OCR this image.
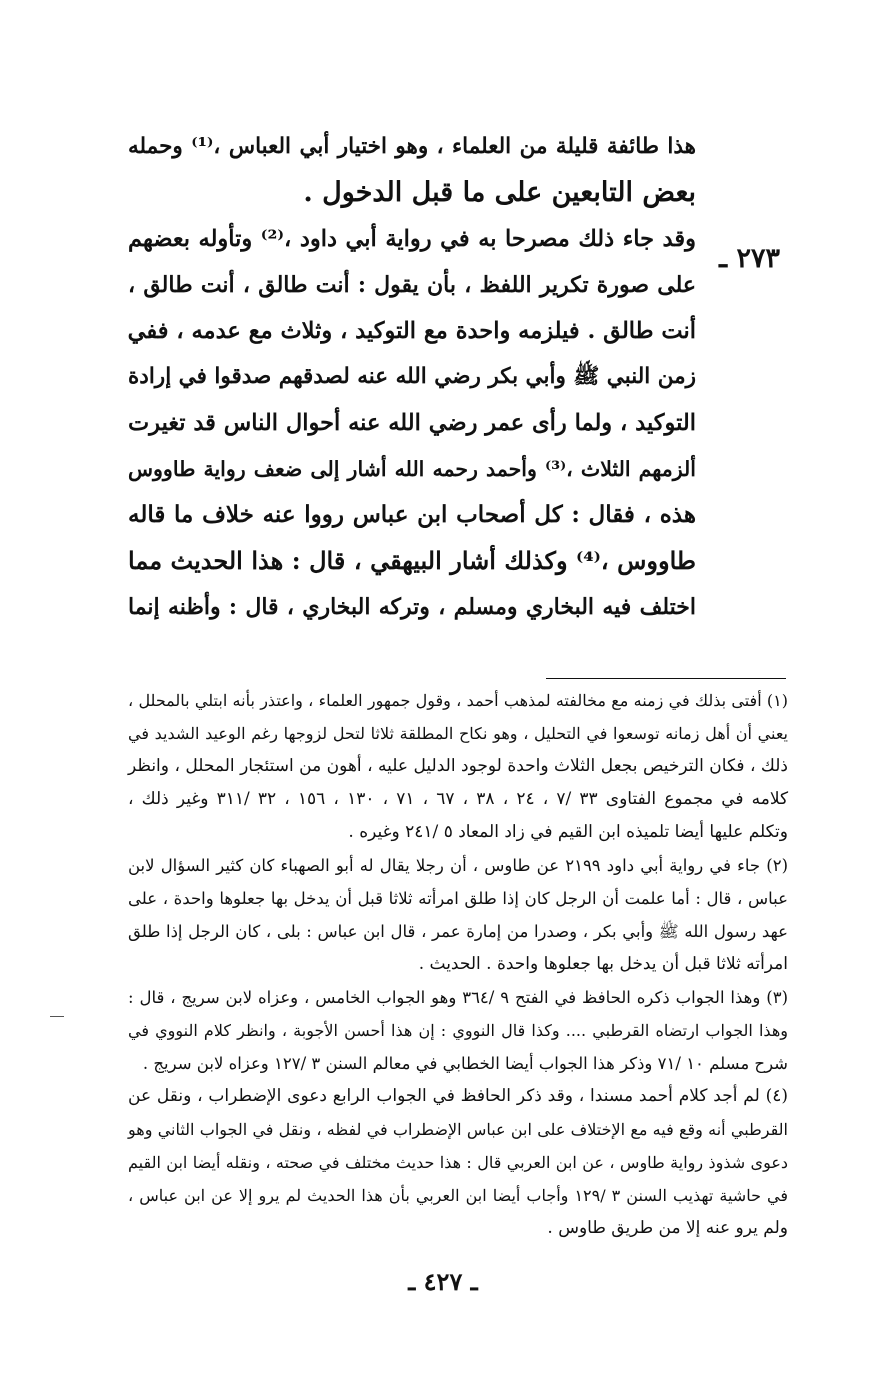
هذا طائفة قليلة من العلماء ، وهو اختيار أبي العباس ،⁽¹⁾ وحمله
بعض التابعين على ما قبل الدخول .
وقد جاء ذلك مصرحا به في رواية أبي داود ،⁽²⁾ وتأوله بعضهم
على صورة تكرير اللفظ ، بأن يقول : أنت طالق ، أنت طالق ،
أنت طالق . فيلزمه واحدة مع التوكيد ، وثلاث مع عدمه ، ففي
زمن النبي ﷺ وأبي بكر رضي الله عنه لصدقهم صدقوا في إرادة
التوكيد ، ولما رأى عمر رضي الله عنه أحوال الناس قد تغيرت
ألزمهم الثلاث ،⁽³⁾ وأحمد رحمه الله أشار إلى ضعف رواية طاووس
هذه ، فقال : كل أصحاب ابن عباس رووا عنه خلاف ما قاله
طاووس ،⁽⁴⁾ وكذلك أشار البيهقي ، قال : هذا الحديث مما
اختلف فيه البخاري ومسلم ، وتركه البخاري ، قال : وأظنه إنما
٢٧٣ ـ
(١) أفتى بذلك في زمنه مع مخالفته لمذهب أحمد ، وقول جمهور العلماء ، واعتذر بأنه ابتلي بالمحلل ،
يعني أن أهل زمانه توسعوا في التحليل ، وهو نكاح المطلقة ثلاثا لتحل لزوجها رغم الوعيد الشديد في
ذلك ، فكان الترخيص بجعل الثلاث واحدة لوجود الدليل عليه ، أهون من استئجار المحلل ، وانظر
كلامه في مجموع الفتاوى ٣٣ /٧ ، ٢٤ ، ٣٨ ، ٦٧ ، ٧١ ، ١٣٠ ، ١٥٦ ، ٣٢ /٣١١ وغير ذلك ،
وتكلم عليها أيضا تلميذه ابن القيم في زاد المعاد ٥ /٢٤١ وغيره .
(٢) جاء في رواية أبي داود ٢١٩٩ عن طاوس ، أن رجلا يقال له أبو الصهباء كان كثير السؤال لابن
عباس ، قال : أما علمت أن الرجل كان إذا طلق امرأته ثلاثا قبل أن يدخل بها جعلوها واحدة ، على
عهد رسول الله ﷺ وأبي بكر ، وصدرا من إمارة عمر ، قال ابن عباس : بلى ، كان الرجل إذا طلق
امرأته ثلاثا قبل أن يدخل بها جعلوها واحدة . الحديث .
(٣) وهذا الجواب ذكره الحافظ في الفتح ٩ /٣٦٤ وهو الجواب الخامس ، وعزاه لابن سريج ، قال :
وهذا الجواب ارتضاه القرطبي .... وكذا قال النووي : إن هذا أحسن الأجوبة ، وانظر كلام النووي في
شرح مسلم ١٠ /٧١ وذكر هذا الجواب أيضا الخطابي في معالم السنن ٣ /١٢٧ وعزاه لابن سريج .
(٤) لم أجد كلام أحمد مسندا ، وقد ذكر الحافظ في الجواب الرابع دعوى الإضطراب ، ونقل عن
القرطبي أنه وقع فيه مع الإختلاف على ابن عباس الإضطراب في لفظه ، ونقل في الجواب الثاني وهو
دعوى شذوذ رواية طاوس ، عن ابن العربي قال : هذا حديث مختلف في صحته ، ونقله أيضا ابن القيم
في حاشية تهذيب السنن ٣ /١٢٩ وأجاب أيضا ابن العربي بأن هذا الحديث لم يرو إلا عن ابن عباس ،
ولم يرو عنه إلا من طريق طاوس .
ـ ٤٢٧ ـ
